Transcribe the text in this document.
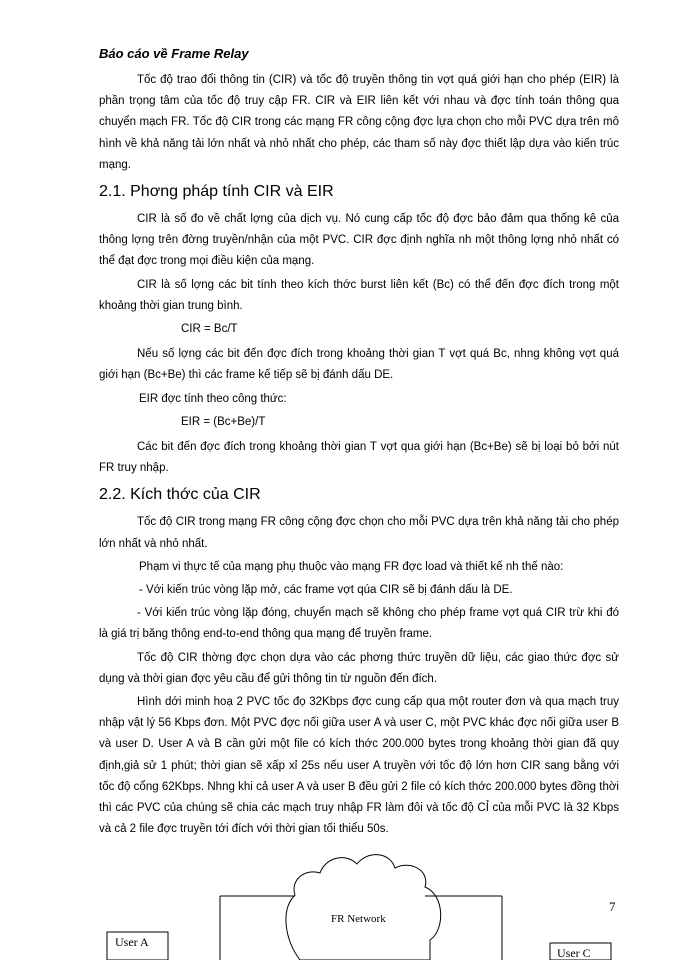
Báo cáo về Frame Relay

Tốc độ trao đổi thông tin (CIR) và tốc độ truyền thông tin vợt quá giới hạn cho phép (EIR) là phần trọng tâm của tốc độ truy cập FR. CIR và EIR liên kết với nhau và đợc tính toán thông qua chuyển mạch FR. Tốc độ CIR trong các mạng FR công cộng đợc lựa chọn cho mỗi PVC dựa trên mô hình về khả năng tải lớn nhất và nhỏ nhất cho phép, các tham số này đợc thiết lập dựa vào kiến trúc mạng.

2.1. Phơng pháp tính CIR và EIR

CIR là số đo về chất lợng của dịch vụ. Nó cung cấp tốc độ đợc bảo đảm qua thống kê của thông lợng trên đờng truyền/nhận của một PVC. CIR đợc định nghĩa nh một thông lợng nhỏ nhất có thể đạt đợc trong mọi điều kiện của mạng.

CIR là số lợng các bit tính theo kích thớc burst liên kết (Bc) có thể đến đợc đích trong một khoảng thời gian trung bình.

CIR = Bc/T

Nếu số lợng các bit đến đợc đích trong khoảng thời gian T vợt quá Bc, nhng không vợt quá giới hạn (Bc+Be) thì các frame kế tiếp sẽ bị đánh dấu DE.

EIR đợc tính theo công thức:

EIR = (Bc+Be)/T

Các bit đến đợc đích trong khoảng thời gian T vợt qua giới hạn (Bc+Be) sẽ bị loại bỏ bởi nút FR truy nhập.

2.2. Kích thớc của CIR

Tốc độ CIR trong mạng FR công cộng đợc chọn cho mỗi PVC dựa trên khả năng tải cho phép lớn nhất và nhỏ nhất.

Phạm vi thực tế của mạng phụ thuộc vào mạng FR đợc load và thiết kế nh thế nào:

- Với kiến trúc vòng lặp mở, các frame vợt qúa CIR sẽ bị đánh dấu là DE.

- Với kiến trúc vòng lặp đóng, chuyển mạch sẽ không cho phép frame vợt quá CIR trừ khi đó là giá trị băng thông end-to-end thông qua mạng để truyền frame.

Tốc độ CIR thờng đợc chọn dựa vào các phơng thức truyền dữ liệu, các giao thức đợc sử dụng và thời gian đợc yêu cầu để gửi thông tin từ nguồn đến đích.

Hình dới minh hoạ 2 PVC tốc đọ 32Kbps đợc cung cấp qua một router đơn và qua mạch truy nhập vật lý 56 Kbps đơn. Một PVC đợc nối giữa user A và user C, một PVC khác đợc nối giữa user B và user D. User A và B cần gửi một file có kích thớc 200.000 bytes trong khoảng thời gian đã quy định,giả sử 1 phút; thời gian sẽ xấp xỉ 25s nếu user A truyền với tốc độ lớn hơn CIR sang bằng với tốc độ cổng 62Kbps. Nhng khi cả user A và user B đều gửi 2 file có kích thớc 200.000 bytes đồng thời thì các PVC của chúng sẽ chia các mạch truy nhập FR làm đôi và tốc độ CỈ của mỗi PVC là 32 Kbps và cả 2 file đợc truyền tới đích với thời gian tối thiểu 50s.

FR Network
User A
User C
7
